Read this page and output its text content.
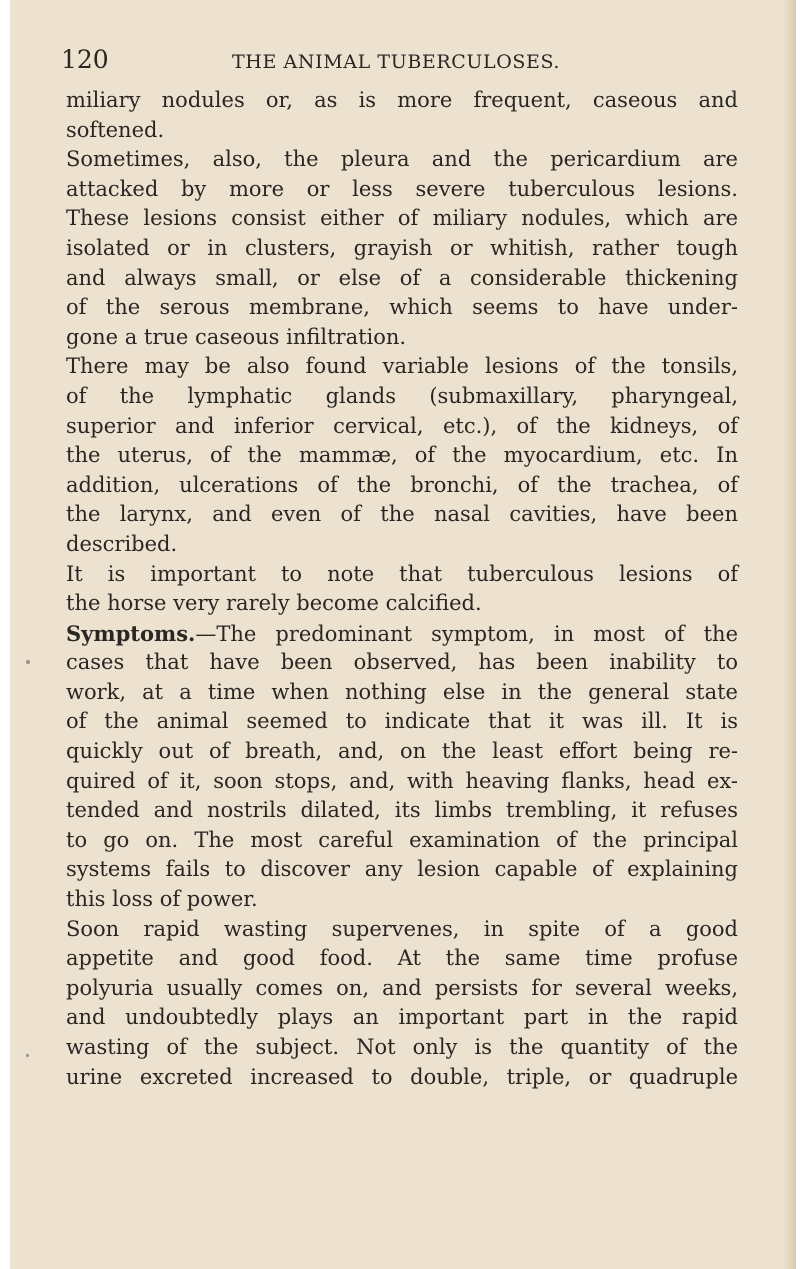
120	THE ANIMAL TUBERCULOSES.
miliary nodules or, as is more frequent, caseous and
softened.
Sometimes, also, the pleura and the pericardium are
attacked by more or less severe tuberculous lesions.
These lesions consist either of miliary nodules, which are
isolated or in clusters, grayish or whitish, rather tough
and always small, or else of a considerable thickening
of the serous membrane, which seems to have under-
gone a true caseous infiltration.
There may be also found variable lesions of the tonsils,
of the lymphatic glands (submaxillary, pharyngeal,
superior and inferior cervical, etc.), of the kidneys, of
the uterus, of the mammæ, of the myocardium, etc. In
addition, ulcerations of the bronchi, of the trachea, of
the larynx, and even of the nasal cavities, have been
described.
It is important to note that tuberculous lesions of
the horse very rarely become calcified.
Symptoms.—The predominant symptom, in most of the
cases that have been observed, has been inability to
work, at a time when nothing else in the general state
of the animal seemed to indicate that it was ill. It is
quickly out of breath, and, on the least effort being re-
quired of it, soon stops, and, with heaving flanks, head ex-
tended and nostrils dilated, its limbs trembling, it refuses
to go on. The most careful examination of the principal
systems fails to discover any lesion capable of explaining
this loss of power.
Soon rapid wasting supervenes, in spite of a good
appetite and good food. At the same time profuse
polyuria usually comes on, and persists for several weeks,
and undoubtedly plays an important part in the rapid
wasting of the subject. Not only is the quantity of the
urine excreted increased to double, triple, or quadruple
